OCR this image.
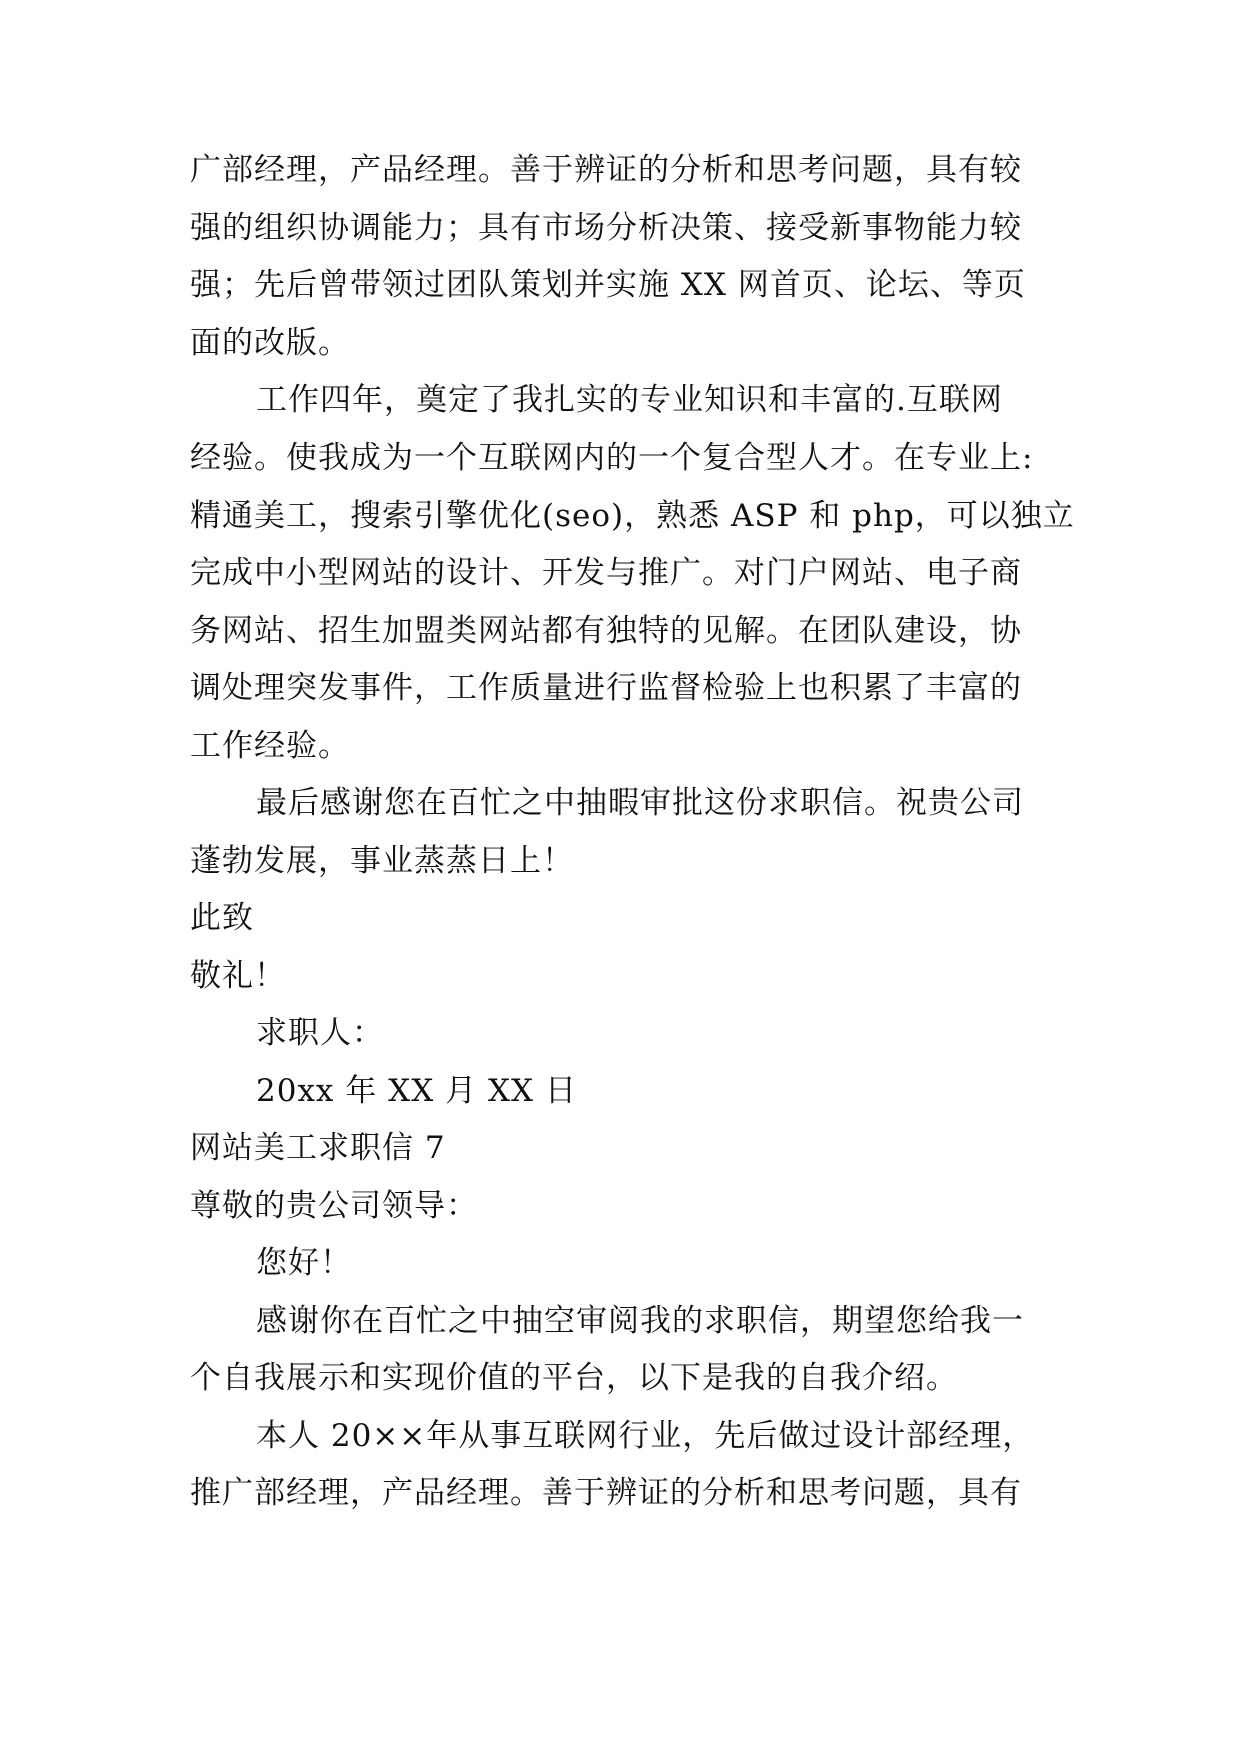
广部经理，产品经理。善于辨证的分析和思考问题，具有较
强的组织协调能力；具有市场分析决策、接受新事物能力较
强；先后曾带领过团队策划并实施 XX 网首页、论坛、等页
面的改版。
工作四年，奠定了我扎实的专业知识和丰富的.互联网
经验。使我成为一个互联网内的一个复合型人才。在专业上:
精通美工，搜索引擎优化(seo)，熟悉 ASP 和 php，可以独立
完成中小型网站的设计、开发与推广。对门户网站、电子商
务网站、招生加盟类网站都有独特的见解。在团队建设，协
调处理突发事件，工作质量进行监督检验上也积累了丰富的
工作经验。
最后感谢您在百忙之中抽暇审批这份求职信。祝贵公司
蓬勃发展，事业蒸蒸日上！
此致
敬礼！
求职人：
20xx 年 XX 月 XX 日
网站美工求职信 7
尊敬的贵公司领导：
您好！
感谢你在百忙之中抽空审阅我的求职信，期望您给我一
个自我展示和实现价值的平台，以下是我的自我介绍。
本人 20××年从事互联网行业，先后做过设计部经理，
推广部经理，产品经理。善于辨证的分析和思考问题，具有
